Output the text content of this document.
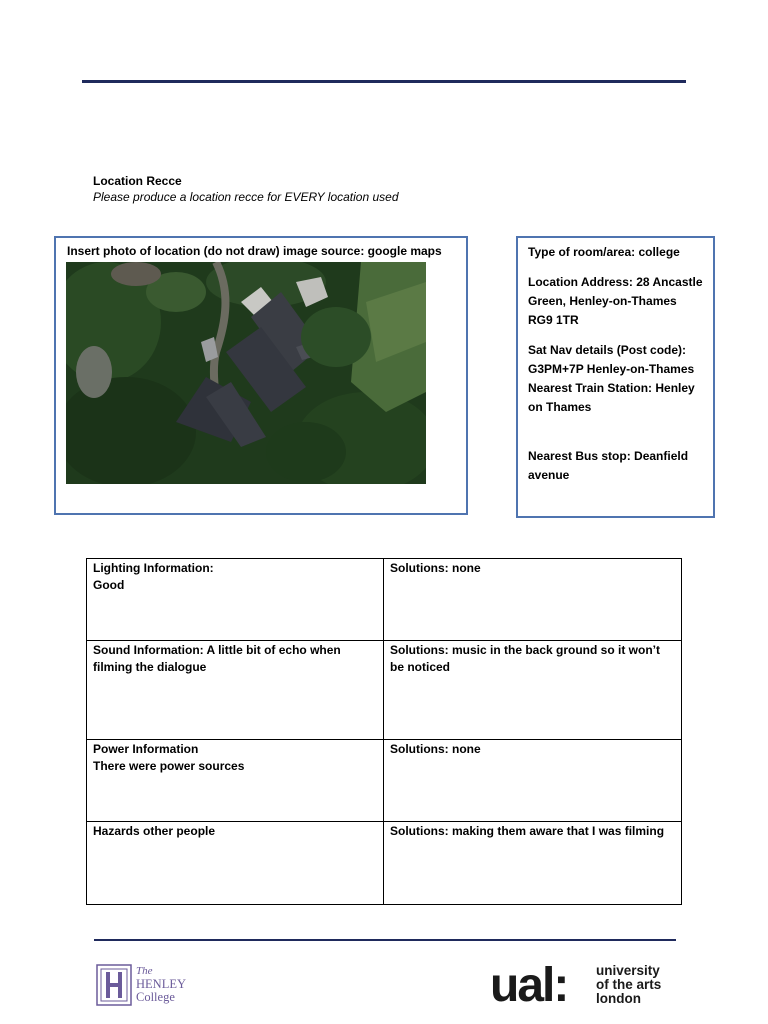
Location Recce
Please produce a location recce for EVERY location used
Insert photo of location (do not draw) image source: google maps	Type of room/area: college

Location Address: 28 Ancastle
Green, Henley-on-Thames
RG9 1TR

Sat Nav details (Post code):
G3PM+7P Henley-on-Thames

Nearest Train Station: Henley
on Thames

Nearest Bus stop: Deanfield
avenue

Lighting Information:
Good	Solutions: none

Sound Information: A little bit of echo when
filming the dialogue	Solutions: music in the back ground so it won’t
be noticed

Power Information
There were power sources	Solutions: none

Hazards other people	Solutions: making them aware that I was filming
The
HENLEY
College	ual: university
of the arts
london
